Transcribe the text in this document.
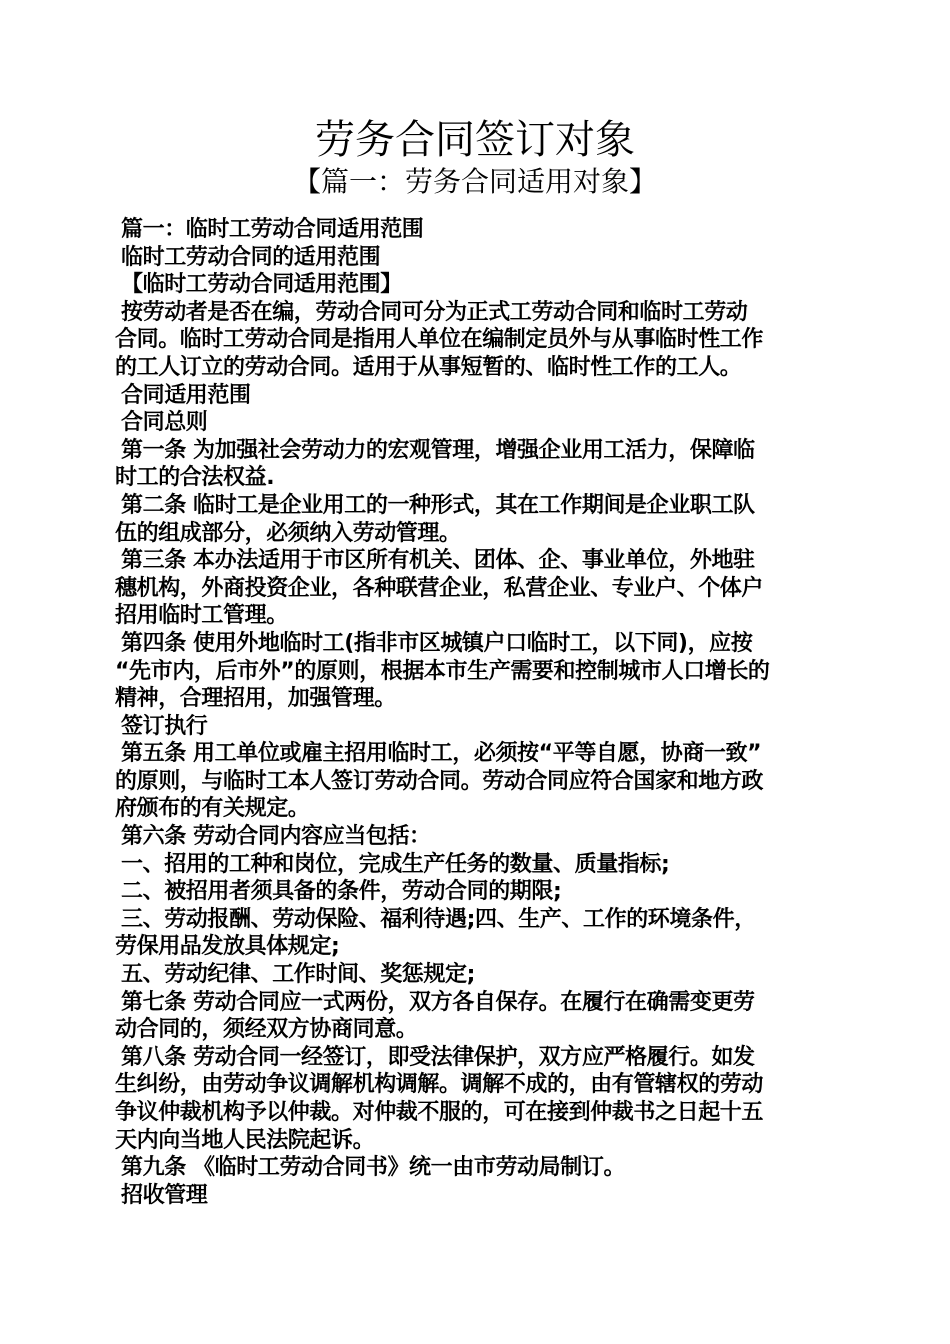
劳务合同签订对象
【篇一：劳务合同适用对象】
篇一：临时工劳动合同适用范围
临时工劳动合同的适用范围
【临时工劳动合同适用范围】
按劳动者是否在编，劳动合同可分为正式工劳动合同和临时工劳动
合同。临时工劳动合同是指用人单位在编制定员外与从事临时性工作
的工人订立的劳动合同。适用于从事短暂的、临时性工作的工人。
合同适用范围
合同总则
第一条 为加强社会劳动力的宏观管理，增强企业用工活力，保障临
时工的合法权益.
第二条 临时工是企业用工的一种形式，其在工作期间是企业职工队
伍的组成部分，必须纳入劳动管理。
第三条 本办法适用于市区所有机关、团体、企、事业单位，外地驻
穗机构，外商投资企业，各种联营企业，私营企业、专业户、个体户
招用临时工管理。
第四条 使用外地临时工(指非市区城镇户口临时工，以下同)，应按
“先市内，后市外”的原则，根据本市生产需要和控制城市人口增长的
精神，合理招用，加强管理。
签订执行
第五条 用工单位或雇主招用临时工，必须按“平等自愿，协商一致”
的原则，与临时工本人签订劳动合同。劳动合同应符合国家和地方政
府颁布的有关规定。
第六条 劳动合同内容应当包括：
一、招用的工种和岗位，完成生产任务的数量、质量指标;
二、被招用者须具备的条件，劳动合同的期限;
三、劳动报酬、劳动保险、福利待遇;四、生产、工作的环境条件，
劳保用品发放具体规定;
五、劳动纪律、工作时间、奖惩规定;
第七条 劳动合同应一式两份，双方各自保存。在履行在确需变更劳
动合同的，须经双方协商同意。
第八条 劳动合同一经签订，即受法律保护，双方应严格履行。如发
生纠纷，由劳动争议调解机构调解。调解不成的，由有管辖权的劳动
争议仲裁机构予以仲裁。对仲裁不服的，可在接到仲裁书之日起十五
天内向当地人民法院起诉。
第九条 《临时工劳动合同书》统一由市劳动局制订。
招收管理
